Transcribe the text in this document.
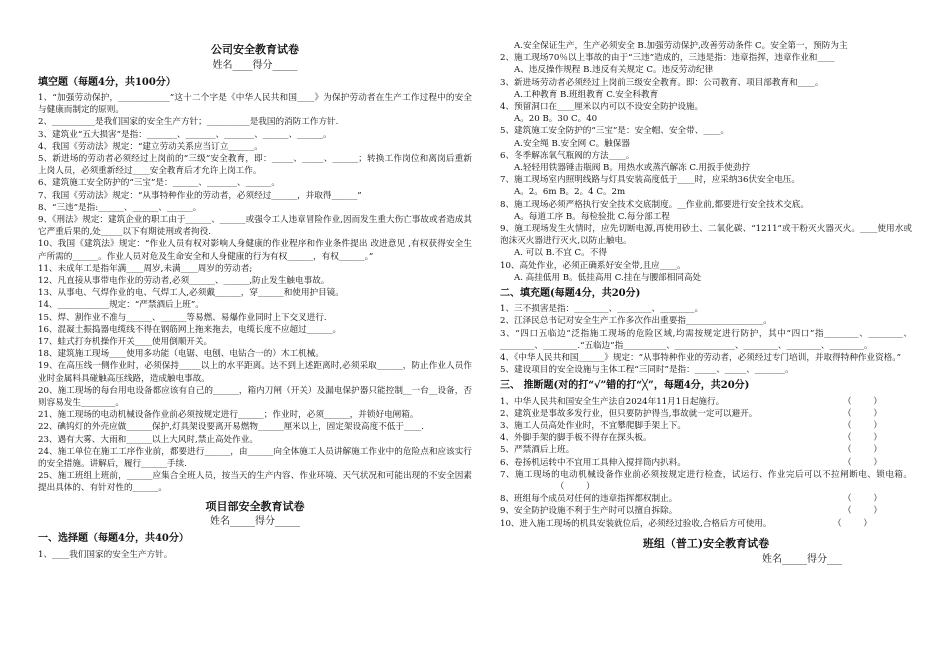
公司安全教育试卷
姓名____得分_____
填空题（每题4分，共100分）

1、“加强劳动保护，____________”这十二个字是《中华人民共和国____》为保护劳动者在生产工作过程中的安全与健康而制定的原则。

2、__________是我们国家的安全生产方针；__________是我国的消防工作方针.

3、建筑业“五大损害”是指：_______、_______、_______、______、______。

4、我国《劳动法》规定：“建立劳动关系应当订立______。

5、新进场的劳动者必须经过上岗前的“三级”安全教育，即：_____、_____、______；转换工作岗位和离岗后重新上岗人员，必须重新经过____安全教育后才允许上岗工作。

6、建筑施工安全防护的“三宝”是：______、_______、______。

7、我国《劳动法》规定：“从事特种作业的劳动者，必须经过______，并取得______”

8、“三违”是指:______、______、______。

9、《刑法》规定：建筑企业的职工由于______、______或强令工人违章冒险作业,因而发生重大伤亡事故或者造成其它严重后果的,处_____以下有期徒刑或者拘役.

10、我国《建筑法》规定：“作业人员有权对影响人身健康的作业程序和作业条件提出 改进意见 ,有权获得安全生产所需的______。作业人员对危及生命安全和人身健康的行为有权______，有权______。”

11、未成年工是指年满____周岁,未满____周岁的劳动者;

12、凡直接从事带电作业的劳动者,必须______、______,防止发生触电事故。

13、从事电、气焊作业的电、气焊工人,必须戴______，穿______和使用护目镜。

14、____________规定：“严禁酒后上班”。

15、焊、割作业不准与______、______等易燃、易爆作业同时上下交叉进行.

16、混凝土振捣器电缆线不得在钢筋网上拖来拖去，电缆长度不应超过______。

17、蛙式打夯机操作开关____使用倒顺开关。

18、建筑施工现场____使用多功能（电锯、电刨、电钻合一的）木工机械。

19、在高压线一侧作业时，必须保持_____以上的水平距离。达不到上述距离时,必须采取______，防止作业人员作业时金属料具碰触高压线路，造成触电事故。

20、施工现场的每台用电设备都应该有自己的______，箱内刀闸（开关）及漏电保护器只能控制__一台__设备，否则容易发生________。

21、施工现场的电动机械设备作业前必须按规定进行______；作业时，必须______，并锁好电闸箱。

22、碘钨灯的外壳应做______保护,灯具架设要离开易燃物______厘米以上，固定架设高度不低于____.

23、遇有大雾、大雨和______以上大风时,禁止高处作业。

24、施工单位在施工工序作业前，都要进行______，由______向全体施工人员讲解施工作业中的危险点和应该实行的安全措施。讲解后，履行______手续.

25、施工班组上班前，______应集合全班人员，按当天的生产内容、作业环境、天气状况和可能出现的不安全因素提出具体的、有针对性的______。

项目部安全教育试卷
姓名_____得分_____
一、选择题（每题4分，共40分）

1、____我们国家的安全生产方针。

A.安全保证生产，生产必须安全 B.加强劳动保护,改善劳动条件 C。安全第一，预防为主

2、施工现场70％以上事故的由于“三违”造成的，三违是指：违章指挥，违章作业和____

A、违反操作规程 B.违反有关规定 C。违反劳动纪律

3、新进场劳动者必须经过上岗前三级安全教育。即：公司教育、项目部教育和____。

A.工种教育 B.班组教育 C.安全科教育

4、预留洞口在____厘米以内可以不设安全防护设施。

A。20 B。30 C。40

5、建筑施工安全防护的“三宝”是：安全帽、安全带、____。

A.安全绳 B.安全网 C。触保器

6、冬季解冻氧气瓶阀的方法____。

A.轻轻用铁器锤击瓶阀 B。用热水或蒸汽解冻 C.用扳手使劲拧

7、施工现场室内照明线路与灯具安装高度低于____时，应采纳36伏安全电压。

A。2。6m B。2。4 C。2m

8、施工现场必须严格执行安全技术交底制度。__作业前,都要进行安全技术交底。

A。每道工序 B。每检验批 C.每分部工程

9、施工现场发生火情时，应先切断电源,再使用砂土、二氧化碳、“1211”或干粉灭火器灭火。____使用水或泡沫灭火器进行灭火,以防止触电。

A. 可以 B.不宜 C。不得

10、高处作业，必须正确系好安全带,且应____。

A. 高挂低用 B。低挂高用 C.挂在与腰部相同高处

二、填充题(每题4分，共20分)

1、三不损害是指：________、________、________。

2、江泽民总书记对安全生产工作多次作出重要指__________________。

3、“四口五临边”泛指施工现场的危险区域,均需按规定进行防护，其中“四口”指________、________、________、________.“五临边”指__________、______________、________、________、________。

4、《中华人民共和国______》规定：“从事特种作业的劳动者，必须经过专门培训，并取得特种作业资格。”

5、建设项目的安全设施与主体工程“三同时”是指：_____、_____、_______。

三、 推断题(对的打“√”错的打“╳”，每题4分，共20分)
1、中华人民共和国安全生产法自2024年11月1日起施行。	（        ）
2、建筑业是事故多发行业，但只要防护得当,事故就一定可以避开。	（        ）
3、施工人员高处作业时，不宜攀爬脚手架上下。	（        ）
4、外脚手架的脚手板不得存在探头板。	（        ）
5、严禁酒后上班。	（        ）
6、卷扬机运转中不宜用工具伸入搅拌筒内扒料。	（        ）

7、施工现场的电动机械设备作业前必须按规定进行检查，试运行、作业完后可以不拉闸断电、锁电箱。（        ）

8、班组每个成员对任何的违章指挥都权制止。	（        ）
9、安全防护设施不利于生产时可以擅自拆除。	（        ）
10、进入施工现场的机具安装就位后，必须经过验收,合格后方可使用。	（        ）
班组（普工)安全教育试卷
姓名_____得分___
